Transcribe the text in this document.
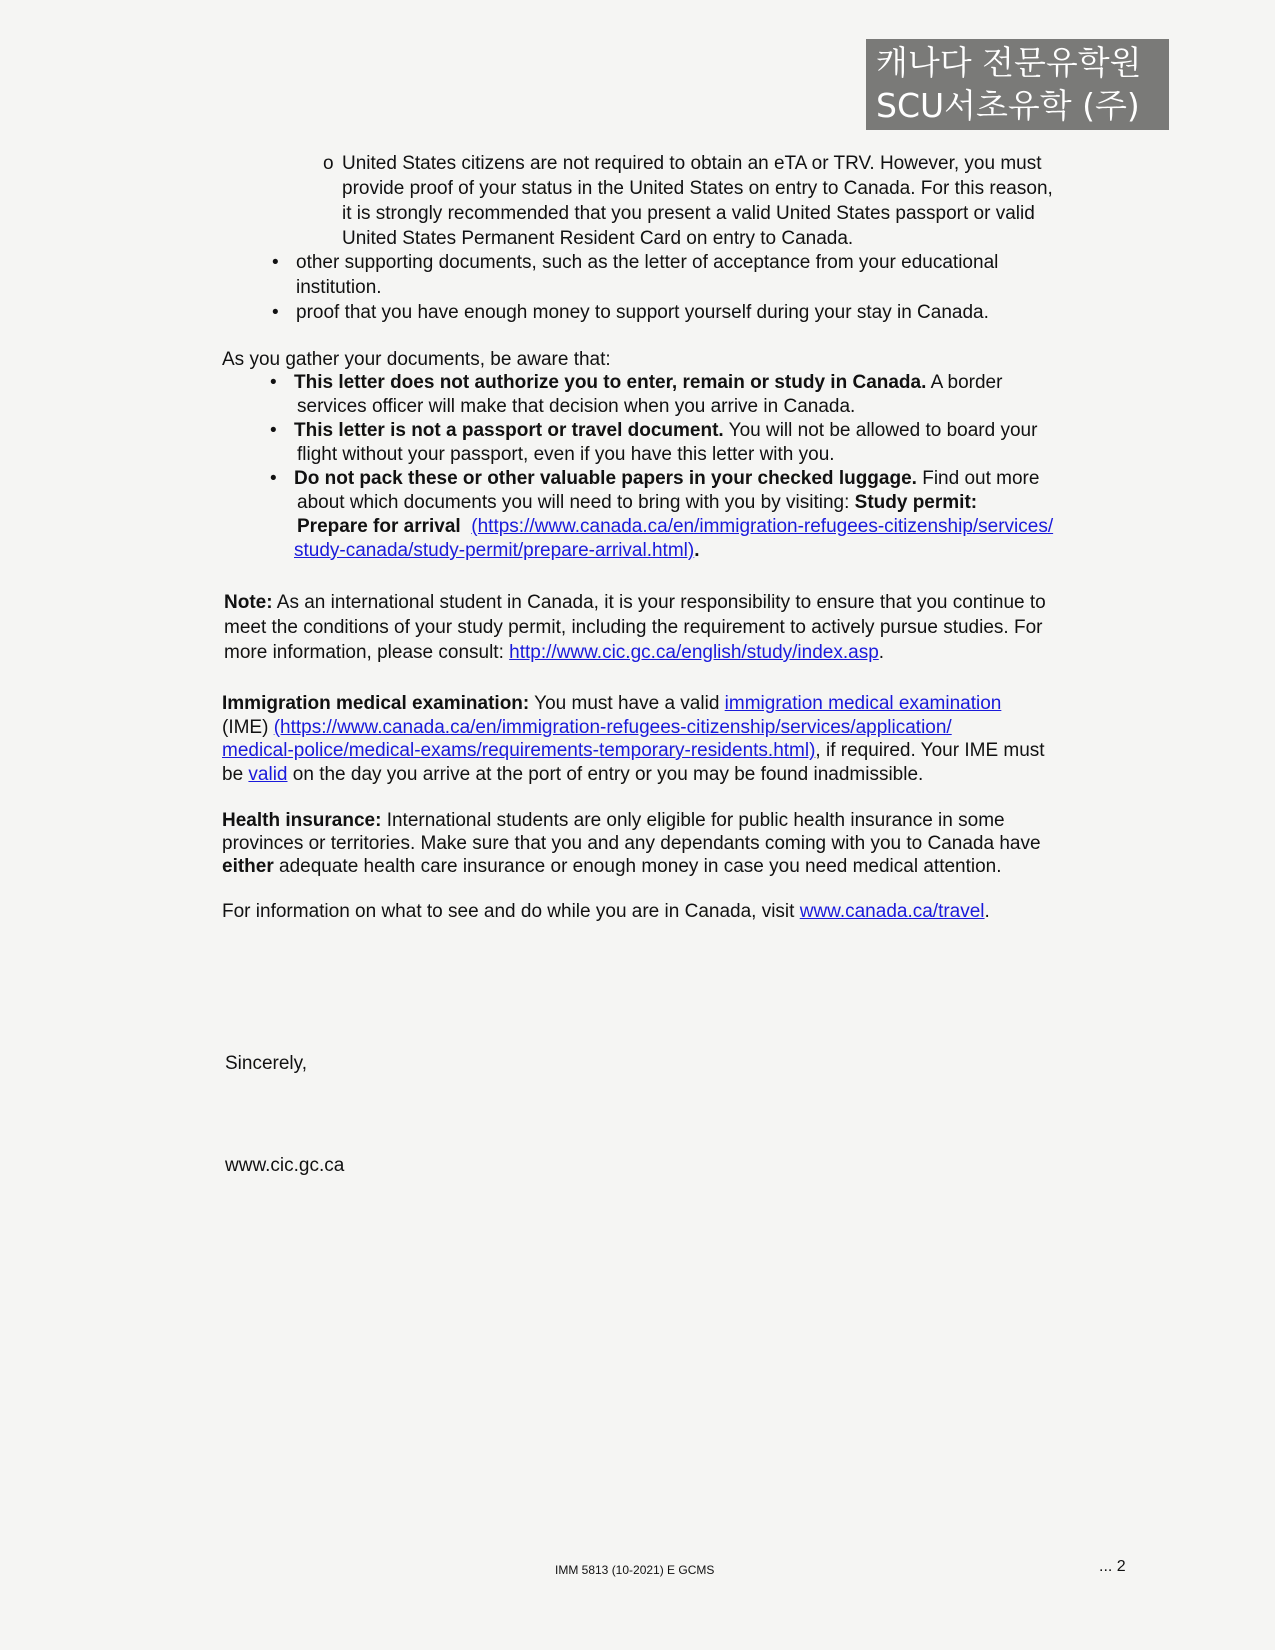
캐나다 전문유학원
SCU서초유학 (주)
o United States citizens are not required to obtain an eTA or TRV. However, you must
provide proof of your status in the United States on entry to Canada. For this reason,
it is strongly recommended that you present a valid United States passport or valid
United States Permanent Resident Card on entry to Canada.
• other supporting documents, such as the letter of acceptance from your educational
institution.
• proof that you have enough money to support yourself during your stay in Canada.
As you gather your documents, be aware that:
• This letter does not authorize you to enter, remain or study in Canada. A border
services officer will make that decision when you arrive in Canada.
• This letter is not a passport or travel document. You will not be allowed to board your
flight without your passport, even if you have this letter with you.
• Do not pack these or other valuable papers in your checked luggage. Find out more
about which documents you will need to bring with you by visiting: Study permit:
Prepare for arrival (https://www.canada.ca/en/immigration-refugees-citizenship/services/
study-canada/study-permit/prepare-arrival.html).
Note: As an international student in Canada, it is your responsibility to ensure that you continue to
meet the conditions of your study permit, including the requirement to actively pursue studies. For
more information, please consult: http://www.cic.gc.ca/english/study/index.asp.
Immigration medical examination: You must have a valid immigration medical examination
(IME) (https://www.canada.ca/en/immigration-refugees-citizenship/services/application/
medical-police/medical-exams/requirements-temporary-residents.html), if required. Your IME must
be valid on the day you arrive at the port of entry or you may be found inadmissible.
Health insurance: International students are only eligible for public health insurance in some
provinces or territories. Make sure that you and any dependants coming with you to Canada have
either adequate health care insurance or enough money in case you need medical attention.
For information on what to see and do while you are in Canada, visit www.canada.ca/travel.
Sincerely,
www.cic.gc.ca
IMM 5813 (10-2021) E GCMS	... 2
